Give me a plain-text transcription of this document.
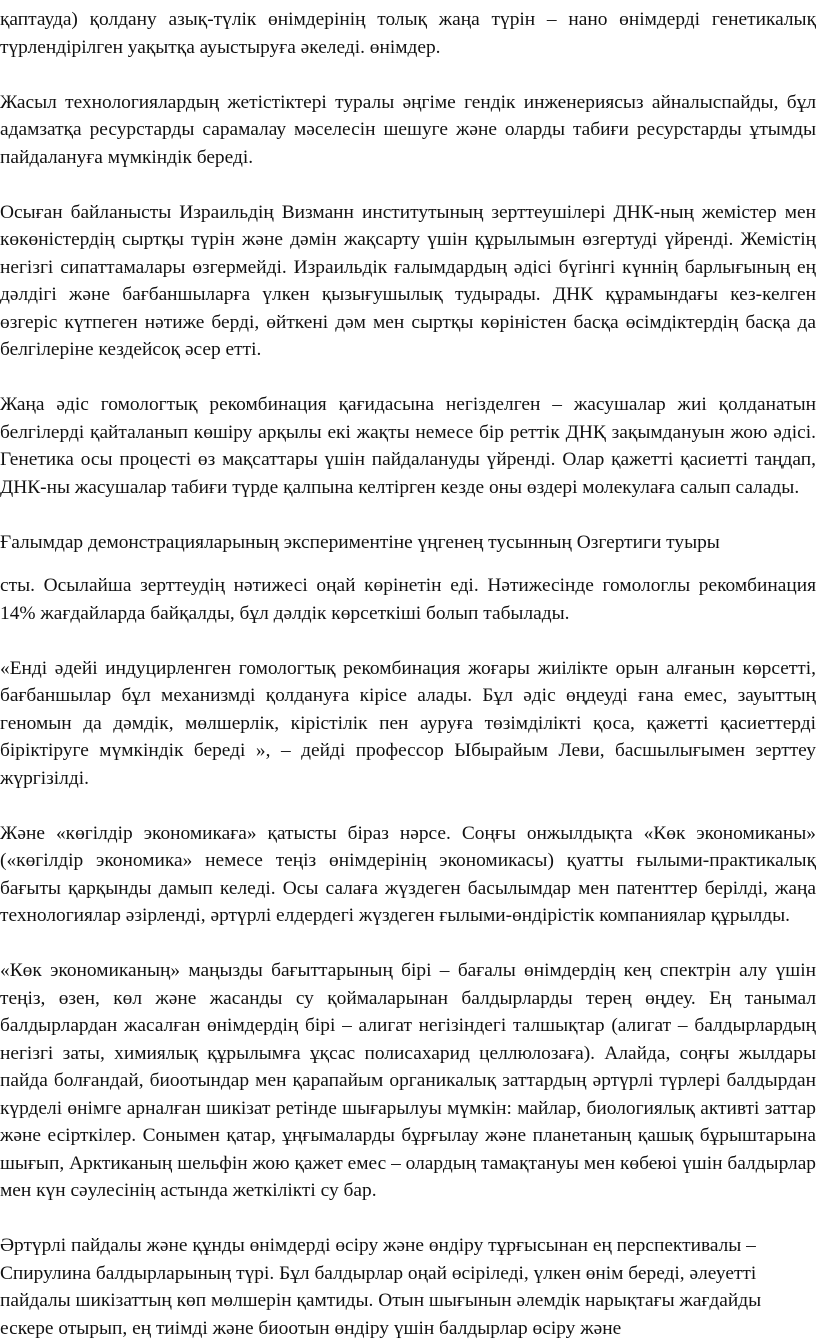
қаптауда) қолдану азық-түлік өнімдерінің толық жаңа түрін – нано өнімдерді генетикалық түрлендірілген уақытқа ауыстыруға әкеледі. өнімдер.

Жасыл технологиялардың жетістіктері туралы әңгіме гендік инженериясыз айналыспайды, бұл адамзатқа ресурстарды сарамалау мәселесін шешуге және оларды табиғи ресурстарды ұтымды пайдалануға мүмкіндік береді.

Осыған байланысты Израильдің Визманн институтының зерттеушілері ДНК-ның жемістер мен көкөністердің сыртқы түрін және дәмін жақсарту үшін құрылымын өзгертуді үйренді. Жемістің негізгі сипаттамалары өзгермейді. Израильдік ғалымдардың әдісі бүгінгі күннің барлығының ең дәлдігі және бағбаншыларға үлкен қызығушылық тудырады. ДНК құрамындағы кез-келген өзгеріс күтпеген нәтиже берді, өйткені дәм мен сыртқы көріністен басқа өсімдіктердің басқа да белгілеріне кездейсоқ әсер етті.

Жаңа әдіс гомологтық рекомбинация қағидасына негізделген – жасушалар жиі қолданатын белгілерді қайталанып көшіру арқылы екі жақты немесе бір реттік ДНҚ зақымдануын жою әдісі. Генетика осы процесті өз мақсаттары үшін пайдалануды үйренді. Олар қажетті қасиетті таңдап, ДНК-ны жасушалар табиғи түрде қалпына келтірген кезде оны өздері молекулаға салып салады.

Ғалымдар демонстрацияларының экспериментіне үңгенең тусынның Озгертиги туыры

сты. Осылайша зерттеудің нәтижесі оңай көрінетін еді. Нәтижесінде гомологлы рекомбинация 14% жағдайларда байқалды, бұл дәлдік көрсеткіші болып табылады.

«Енді әдейі индуцирленген гомологтық рекомбинация жоғары жиілікте орын алғанын көрсетті, бағбаншылар бұл механизмді қолдануға кірісе алады. Бұл әдіс өңдеуді ғана емес, зауыттың геномын да дәмдік, мөлшерлік, кірістілік пен ауруға төзімділікті қоса, қажетті қасиеттерді біріктіруге мүмкіндік береді », – дейді профессор Ыбырайым Леви, басшылығымен зерттеу жүргізілді.

Және «көгілдір экономикаға» қатысты біраз нәрсе. Соңғы онжылдықта «Көк экономиканы» («көгілдір экономика» немесе теңіз өнімдерінің экономикасы) қуатты ғылыми-практикалық бағыты қарқынды дамып келеді. Осы салаға жүздеген басылымдар мен патенттер берілді, жаңа технологиялар әзірленді, әртүрлі елдердегі жүздеген ғылыми-өндірістік компаниялар құрылды.

«Көк экономиканың» маңызды бағыттарының бірі – бағалы өнімдердің кең спектрін алу үшін теңіз, өзен, көл және жасанды су қоймаларынан балдырларды терең өңдеу. Ең танымал балдырлардан жасалған өнімдердің бірі – алигат негізіндегі талшықтар (алигат – балдырлардың негізгі заты, химиялық құрылымға ұқсас полисахарид целлюлозаға). Алайда, соңғы жылдары пайда болғандай, биоотындар мен қарапайым органикалық заттардың әртүрлі түрлері балдырдан күрделі өнімге арналған шикізат ретінде шығарылуы мүмкін: майлар, биологиялық активті заттар және есірткілер. Сонымен қатар, ұңғымаларды бұрғылау және планетаның қашық бұрыштарына шығып, Арктиканың шельфін жою қажет емес – олардың тамақтануы мен көбеюі үшін балдырлар мен күн сәулесінің астында жеткілікті су бар.

Әртүрлі пайдалы және құнды өнімдерді өсіру және өндіру тұрғысынан ең перспективалы – Спирулина балдырларының түрі. Бұл балдырлар оңай өсіріледі, үлкен өнім береді, әлеуетті пайдалы шикізаттың көп мөлшерін қамтиды. Отын шығынын әлемдік нарықтағы жағдайды ескере отырып, ең тиімді және биоотын өндіру үшін балдырлар өсіру және
